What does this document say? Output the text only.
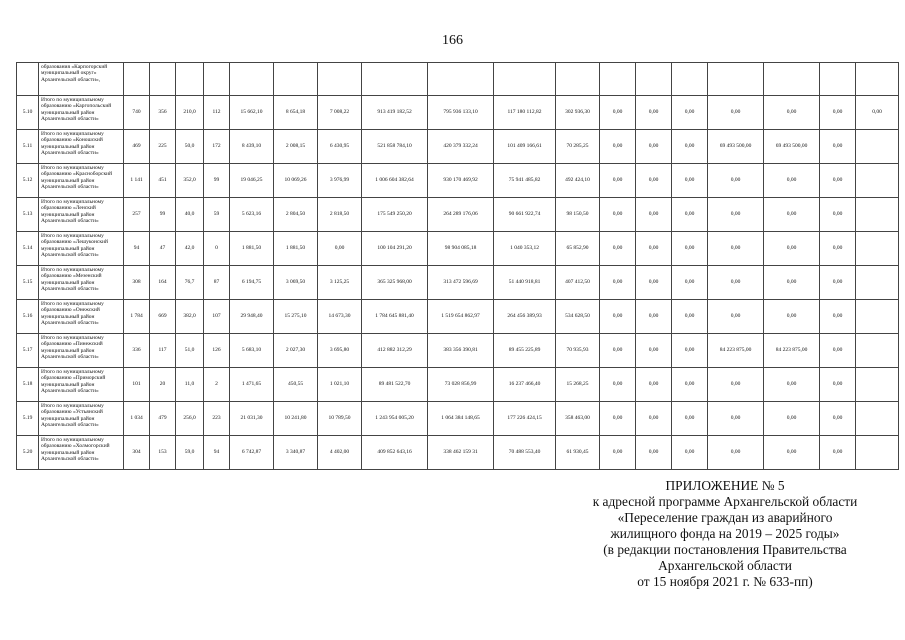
166
	образования «Карпогорский муниципальный округ» Архангельской области»,																		
5.10	Итого по муниципальному образованию «Каргопольский муниципальный район Архангельской области»	740	356	210,0	112	15 662,10	8 654,18	7 008,22	913 419 182,52	795 936 133,10	117 180 112,82	302 936,30	0,00	0,00	0,00	0,00	0,00	0,00	0,00
5.11	Итого по муниципальному образованию «Коношский муниципальный район Архангельской области»	469	225	50,0	172	8 439,10	2 008,15	6 430,95	521 858 784,10	420 379 332,24	101 409 166,61	70 285,25	0,00	0,00	0,00	69 493 500,00	69 493 500,00	0,00	
5.12	Итого по муниципальному образованию «Красноборский муниципальный район Архангельской области»	1 141	451	352,0	99	19 046,25	10 069,26	3 976,99	1 006 604 382,64	930 170 469,92	75 941 485,82	492 424,10	0,00	0,00	0,00	0,00	0,00	0,00	
5.13	Итого по муниципальному образованию «Ленский муниципальный район Архангельской области»	257	99	40,0	59	5 623,16	2 804,50	2 818,50	175 549 250,20	264 289 176,06	90 661 922,74	98 150,50	0,00	0,00	0,00	0,00	0,00	0,00	
5.14	Итого по муниципальному образованию «Лешуконский муниципальный район Архангельской области»	94	47	42,0	0	1 881,50	1 881,50	0,00	100 104 291,20	98 904 085,18	1 040 353,12	65 852,90	0,00	0,00	0,00	0,00	0,00	0,00	
5.15	Итого по муниципальному образованию «Мезенский муниципальный район Архангельской области»	308	164	76,7	87	6 194,75	3 069,50	3 125,25	365 325 968,00	313 472 596,69	51 440 918,81	407 412,50	0,00	0,00	0,00	0,00	0,00	0,00	
5.16	Итого по муниципальному образованию «Онежский муниципальный район Архангельской области»	1 784	669	382,0	107	29 948,40	15 275,10	14 673,30	1 784 645 881,40	1 519 654 862,97	264 456 389,93	534 628,50	0,00	0,00	0,00	0,00	0,00	0,00	
5.17	Итого по муниципальному образованию «Пинежский муниципальный район Архангельской области»	336	117	51,0	126	5 683,10	2 027,30	3 695,80	412 882 312,29	383 356 390,81	89 455 225,89	70 935,93	0,00	0,00	0,00	84 223 875,00	84 223 875,00	0,00	
5.18	Итого по муниципальному образованию «Приморский муниципальный район Архангельской области»	101	20	11,0	2	1 471,65	450,55	1 021,10	89 481 522,70	73 028 856,99	16 237 466,40	15 268,25	0,00	0,00	0,00	0,00	0,00	0,00	
5.19	Итого по муниципальному образованию «Устьянский муниципальный район Архангельской области»	1 034	479	256,0	223	21 031,30	10 241,80	10 789,50	1 243 954 005,20	1 064 384 148,65	177 226 424,15	358 463,00	0,00	0,00	0,00	0,00	0,00	0,00	
5.20	Итого по муниципальному образованию «Холмогорский муниципальный район Архангельской области»	304	153	59,0	94	6 742,87	3 340,87	4 402,00	409 852 643,16	338 462 159 31	70 488 553,40	61 930,45	0,00	0,00	0,00	0,00	0,00	0,00	
ПРИЛОЖЕНИЕ № 5
к адресной программе Архангельской области
«Переселение граждан из аварийного
жилищного фонда на 2019 – 2025 годы»
(в редакции постановления Правительства
Архангельской области
от 15 ноября 2021 г. № 633-пп)
